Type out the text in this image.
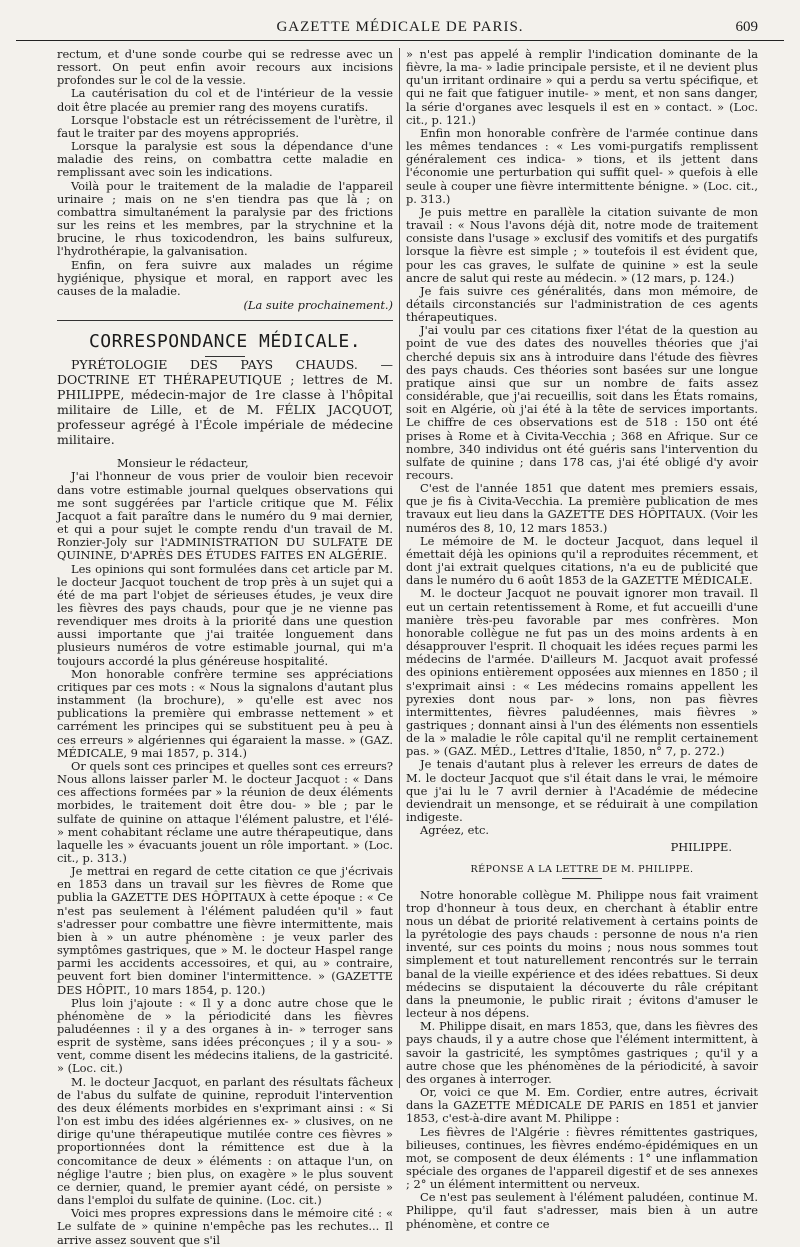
GAZETTE MÉDICALE DE PARIS.	609

rectum, et d'une sonde courbe qui se redresse avec un ressort. On peut enfin avoir recours aux incisions profondes sur le col de la vessie.

La cautérisation du col et de l'intérieur de la vessie doit être placée au premier rang des moyens curatifs.

Lorsque l'obstacle est un rétrécissement de l'urètre, il faut le traiter par des moyens appropriés.

Lorsque la paralysie est sous la dépendance d'une maladie des reins, on combattra cette maladie en remplissant avec soin les indications.

Voilà pour le traitement de la maladie de l'appareil urinaire ; mais on ne s'en tiendra pas que là ; on combattra simultanément la paralysie par des frictions sur les reins et les membres, par la strychnine et la brucine, le rhus toxicodendron, les bains sulfureux, l'hydrothérapie, la galvanisation.

Enfin, on fera suivre aux malades un régime hygiénique, physique et moral, en rapport avec les causes de la maladie.

(La suite prochainement.)
CORRESPONDANCE MÉDICALE.

PYRÉTOLOGIE DES PAYS CHAUDS. — DOCTRINE ET THÉRAPEUTIQUE ; lettres de M. PHILIPPE, médecin-major de 1re classe à l'hôpital militaire de Lille, et de M. FÉLIX JACQUOT, professeur agrégé à l'École impériale de médecine militaire.

Monsieur le rédacteur,

J'ai l'honneur de vous prier de vouloir bien recevoir dans votre estimable journal quelques observations qui me sont suggérées par l'article critique que M. Félix Jacquot a fait paraître dans le numéro du 9 mai dernier, et qui a pour sujet le compte rendu d'un travail de M. Ronzier-Joly sur l'ADMINISTRATION DU SULFATE DE QUININE, D'APRÈS DES ÉTUDES FAITES EN ALGÉRIE.

Les opinions qui sont formulées dans cet article par M. le docteur Jacquot touchent de trop près à un sujet qui a été de ma part l'objet de sérieuses études, je veux dire les fièvres des pays chauds, pour que je ne vienne pas revendiquer mes droits à la priorité dans une question aussi importante que j'ai traitée longuement dans plusieurs numéros de votre estimable journal, qui m'a toujours accordé la plus généreuse hospitalité.

Mon honorable confrère termine ses appréciations critiques par ces mots : « Nous la signalons d'autant plus instamment (la brochure), » qu'elle est avec nos publications la première qui embrasse nettement » et carrément les principes qui se substituent peu à peu à ces erreurs » algériennes qui égaraient la masse. » (GAZ. MÉDICALE, 9 mai 1857, p. 314.)

Or quels sont ces principes et quelles sont ces erreurs? Nous allons laisser parler M. le docteur Jacquot : « Dans ces affections formées par » la réunion de deux éléments morbides, le traitement doit être dou- » ble ; par le sulfate de quinine on attaque l'élément palustre, et l'élé- » ment cohabitant réclame une autre thérapeutique, dans laquelle les » évacuants jouent un rôle important. » (Loc. cit., p. 313.)

Je mettrai en regard de cette citation ce que j'écrivais en 1853 dans un travail sur les fièvres de Rome que publia la GAZETTE DES HÔPITAUX à cette époque : « Ce n'est pas seulement à l'élément paludéen qu'il » faut s'adresser pour combattre une fièvre intermittente, mais bien à » un autre phénomène : je veux parler des symptômes gastriques, que » M. le docteur Haspel range parmi les accidents accessoires, et qui, au » contraire, peuvent fort bien dominer l'intermittence. » (GAZETTE DES HÔPIT., 10 mars 1854, p. 120.)

Plus loin j'ajoute : « Il y a donc autre chose que le phénomène de » la périodicité dans les fièvres paludéennes : il y a des organes à in- » terroger sans esprit de système, sans idées préconçues ; il y a sou- » vent, comme disent les médecins italiens, de la gastricité. » (Loc. cit.)

M. le docteur Jacquot, en parlant des résultats fâcheux de l'abus du sulfate de quinine, reproduit l'intervention des deux éléments morbides en s'exprimant ainsi : « Si l'on est imbu des idées algériennes ex- » clusives, on ne dirige qu'une thérapeutique mutilée contre ces fièvres » proportionnées dont la rémittence est due à la concomitance de deux » éléments : on attaque l'un, on néglige l'autre ; bien plus, on exagère » le plus souvent ce dernier, quand, le premier ayant cédé, on persiste » dans l'emploi du sulfate de quinine. (Loc. cit.)

Voici mes propres expressions dans le mémoire cité : « Le sulfate de » quinine n'empêche pas les rechutes... Il arrive assez souvent que s'il

» n'est pas appelé à remplir l'indication dominante de la fièvre, la ma- » ladie principale persiste, et il ne devient plus qu'un irritant ordinaire » qui a perdu sa vertu spécifique, et qui ne fait que fatiguer inutile- » ment, et non sans danger, la série d'organes avec lesquels il est en » contact. » (Loc. cit., p. 121.)

Enfin mon honorable confrère de l'armée continue dans les mêmes tendances : « Les vomi-purgatifs remplissent généralement ces indica- » tions, et ils jettent dans l'économie une perturbation qui suffit quel- » quefois à elle seule à couper une fièvre intermittente bénigne. » (Loc. cit., p. 313.)

Je puis mettre en parallèle la citation suivante de mon travail : « Nous l'avons déjà dit, notre mode de traitement consiste dans l'usage » exclusif des vomitifs et des purgatifs lorsque la fièvre est simple ; » toutefois il est évident que, pour les cas graves, le sulfate de quinine » est la seule ancre de salut qui reste au médecin. » (12 mars, p. 124.)

Je fais suivre ces généralités, dans mon mémoire, de détails circonstanciés sur l'administration de ces agents thérapeutiques.

J'ai voulu par ces citations fixer l'état de la question au point de vue des dates des nouvelles théories que j'ai cherché depuis six ans à introduire dans l'étude des fièvres des pays chauds. Ces théories sont basées sur une longue pratique ainsi que sur un nombre de faits assez considérable, que j'ai recueillis, soit dans les États romains, soit en Algérie, où j'ai été à la tête de services importants. Le chiffre de ces observations est de 518 : 150 ont été prises à Rome et à Civita-Vecchia ; 368 en Afrique. Sur ce nombre, 340 individus ont été guéris sans l'intervention du sulfate de quinine ; dans 178 cas, j'ai été obligé d'y avoir recours.

C'est de l'année 1851 que datent mes premiers essais, que je fis à Civita-Vecchia. La première publication de mes travaux eut lieu dans la GAZETTE DES HÔPITAUX. (Voir les numéros des 8, 10, 12 mars 1853.)

Le mémoire de M. le docteur Jacquot, dans lequel il émettait déjà les opinions qu'il a reproduites récemment, et dont j'ai extrait quelques citations, n'a eu de publicité que dans le numéro du 6 août 1853 de la GAZETTE MÉDICALE.

M. le docteur Jacquot ne pouvait ignorer mon travail. Il eut un certain retentissement à Rome, et fut accueilli d'une manière très-peu favorable par mes confrères. Mon honorable collègue ne fut pas un des moins ardents à en désapprouver l'esprit. Il choquait les idées reçues parmi les médecins de l'armée. D'ailleurs M. Jacquot avait professé des opinions entièrement opposées aux miennes en 1850 ; il s'exprimait ainsi : « Les médecins romains appellent les pyrexies dont nous par- » lons, non pas fièvres intermittentes, fièvres paludéennes, mais fièvres » gastriques ; donnant ainsi à l'un des éléments non essentiels de la » maladie le rôle capital qu'il ne remplit certainement pas. » (GAZ. MÉD., Lettres d'Italie, 1850, n° 7, p. 272.)

Je tenais d'autant plus à relever les erreurs de dates de M. le docteur Jacquot que s'il était dans le vrai, le mémoire que j'ai lu le 7 avril dernier à l'Académie de médecine deviendrait un mensonge, et se réduirait à une compilation indigeste.

Agréez, etc.

PHILIPPE.
RÉPONSE A LA LETTRE DE M. PHILIPPE.

Notre honorable collègue M. Philippe nous fait vraiment trop d'honneur à tous deux, en cherchant à établir entre nous un débat de priorité relativement à certains points de la pyrétologie des pays chauds : personne de nous n'a rien inventé, sur ces points du moins ; nous nous sommes tout simplement et tout naturellement rencontrés sur le terrain banal de la vieille expérience et des idées rebattues. Si deux médecins se disputaient la découverte du râle crépitant dans la pneumonie, le public rirait ; évitons d'amuser le lecteur à nos dépens.

M. Philippe disait, en mars 1853, que, dans les fièvres des pays chauds, il y a autre chose que l'élément intermittent, à savoir la gastricité, les symptômes gastriques ; qu'il y a autre chose que les phénomènes de la périodicité, à savoir des organes à interroger.

Or, voici ce que M. Em. Cordier, entre autres, écrivait dans la GAZETTE MÉDICALE DE PARIS en 1851 et janvier 1853, c'est-à-dire avant M. Philippe :

Les fièvres de l'Algérie : fièvres rémittentes gastriques, bilieuses, continues, les fièvres endémo-épidémiques en un mot, se composent de deux éléments : 1° une inflammation spéciale des organes de l'appareil digestif et de ses annexes ; 2° un élément intermittent ou nerveux.

Ce n'est pas seulement à l'élément paludéen, continue M. Philippe, qu'il faut s'adresser, mais bien à un autre phénomène, et contre ce
